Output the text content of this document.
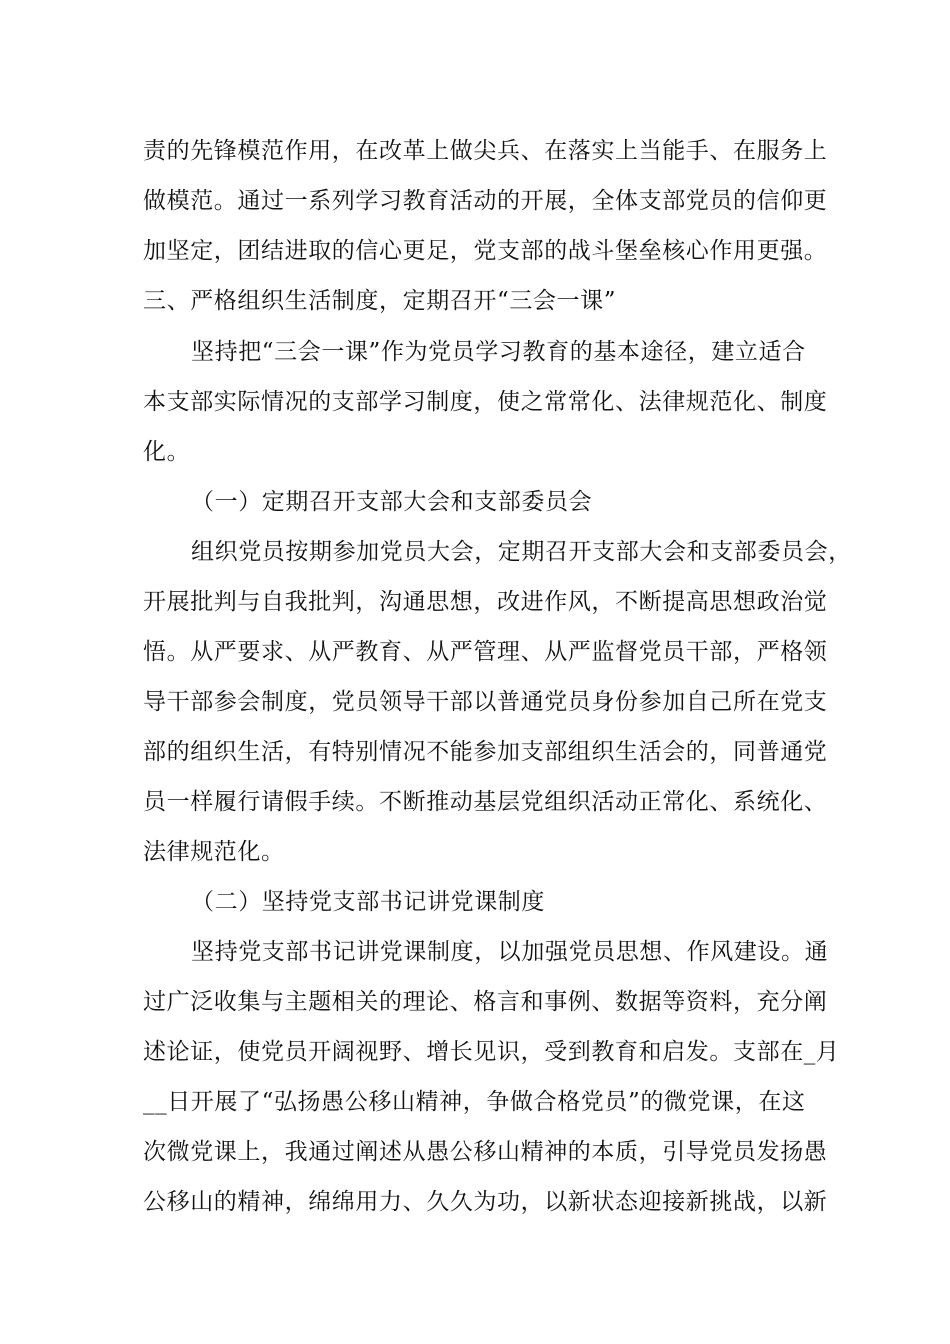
责的先锋模范作用，在改革上做尖兵、在落实上当能手、在服务上
做模范。通过一系列学习教育活动的开展，全体支部党员的信仰更
加坚定，团结进取的信心更足，党支部的战斗堡垒核心作用更强。
三、严格组织生活制度，定期召开“三会一课”
坚持把“三会一课”作为党员学习教育的基本途径，建立适合
本支部实际情况的支部学习制度，使之常常化、法律规范化、制度
化。
（一）定期召开支部大会和支部委员会
组织党员按期参加党员大会，定期召开支部大会和支部委员会，
开展批判与自我批判，沟通思想，改进作风，不断提高思想政治觉
悟。从严要求、从严教育、从严管理、从严监督党员干部，严格领
导干部参会制度，党员领导干部以普通党员身份参加自己所在党支
部的组织生活，有特别情况不能参加支部组织生活会的，同普通党
员一样履行请假手续。不断推动基层党组织活动正常化、系统化、
法律规范化。
（二）坚持党支部书记讲党课制度
坚持党支部书记讲党课制度，以加强党员思想、作风建设。通
过广泛收集与主题相关的理论、格言和事例、数据等资料，充分阐
述论证，使党员开阔视野、增长见识，受到教育和启发。支部在_月
__日开展了“弘扬愚公移山精神，争做合格党员”的微党课，在这
次微党课上，我通过阐述从愚公移山精神的本质，引导党员发扬愚
公移山的精神，绵绵用力、久久为功，以新状态迎接新挑战，以新
